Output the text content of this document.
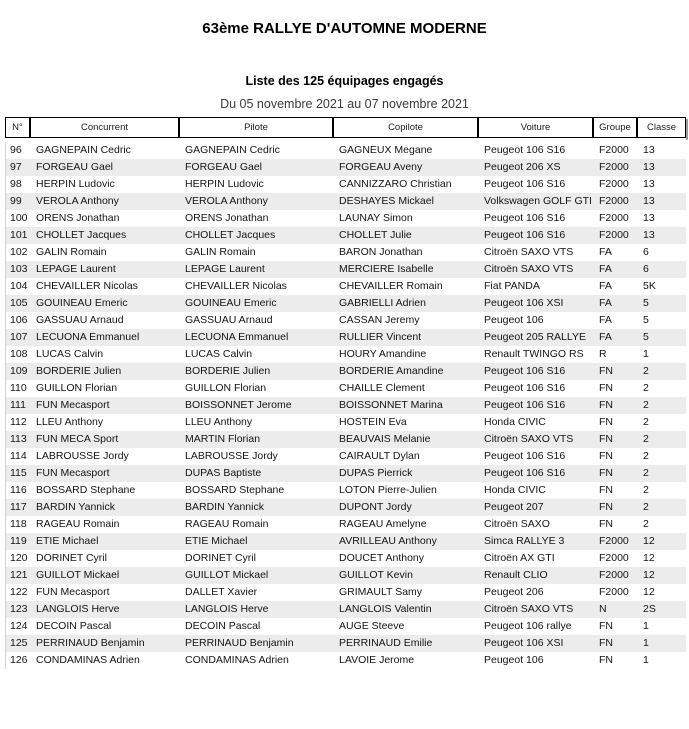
63ème RALLYE D'AUTOMNE MODERNE
Liste des 125 équipages engagés
Du 05 novembre 2021 au 07 novembre 2021
N°	Concurrent	Pilote	Copilote	Voiture	Groupe	Classe

96	GAGNEPAIN Cedric	GAGNEPAIN Cedric	GAGNEUX Megane	Peugeot 106 S16	F2000	13
97	FORGEAU Gael	FORGEAU Gael	FORGEAU Aveny	Peugeot 206 XS	F2000	13
98	HERPIN Ludovic	HERPIN Ludovic	CANNIZZARO Christian	Peugeot 106 S16	F2000	13
99	VEROLA Anthony	VEROLA Anthony	DESHAYES Mickael	Volkswagen GOLF GTI	F2000	13
100	ORENS Jonathan	ORENS Jonathan	LAUNAY Simon	Peugeot 106 S16	F2000	13
101	CHOLLET Jacques	CHOLLET Jacques	CHOLLET Julie	Peugeot 106 S16	F2000	13
102	GALIN Romain	GALIN Romain	BARON Jonathan	Citroën SAXO VTS	FA	6
103	LEPAGE Laurent	LEPAGE Laurent	MERCIERE Isabelle	Citroën SAXO VTS	FA	6
104	CHEVAILLER Nicolas	CHEVAILLER Nicolas	CHEVAILLER Romain	Fiat PANDA	FA	5K
105	GOUINEAU Emeric	GOUINEAU Emeric	GABRIELLI Adrien	Peugeot 106 XSI	FA	5
106	GASSUAU Arnaud	GASSUAU Arnaud	CASSAN Jeremy	Peugeot 106	FA	5
107	LECUONA Emmanuel	LECUONA Emmanuel	RULLIER Vincent	Peugeot 205 RALLYE	FA	5
108	LUCAS Calvin	LUCAS Calvin	HOURY Amandine	Renault TWINGO RS	R	1
109	BORDERIE Julien	BORDERIE Julien	BORDERIE Amandine	Peugeot 106 S16	FN	2
110	GUILLON Florian	GUILLON Florian	CHAILLE Clement	Peugeot 106 S16	FN	2
111	FUN Mecasport	BOISSONNET Jerome	BOISSONNET Marina	Peugeot 106 S16	FN	2
112	LLEU Anthony	LLEU Anthony	HOSTEIN Eva	Honda CIVIC	FN	2
113	FUN MECA Sport	MARTIN Florian	BEAUVAIS Melanie	Citroën SAXO VTS	FN	2
114	LABROUSSE Jordy	LABROUSSE Jordy	CAIRAULT Dylan	Peugeot 106 S16	FN	2
115	FUN Mecasport	DUPAS Baptiste	DUPAS Pierrick	Peugeot 106 S16	FN	2
116	BOSSARD Stephane	BOSSARD Stephane	LOTON Pierre-Julien	Honda CIVIC	FN	2
117	BARDIN Yannick	BARDIN Yannick	DUPONT Jordy	Peugeot 207	FN	2
118	RAGEAU Romain	RAGEAU Romain	RAGEAU Amelyne	Citroën SAXO	FN	2
119	ETIE Michael	ETIE Michael	AVRILLEAU Anthony	Simca RALLYE 3	F2000	12
120	DORINET Cyril	DORINET Cyril	DOUCET Anthony	Citroën AX GTI	F2000	12
121	GUILLOT Mickael	GUILLOT Mickael	GUILLOT Kevin	Renault CLIO	F2000	12
122	FUN Mecasport	DALLET Xavier	GRIMAULT Samy	Peugeot 206	F2000	12
123	LANGLOIS Herve	LANGLOIS Herve	LANGLOIS Valentin	Citroën SAXO VTS	N	2S
124	DECOIN Pascal	DECOIN Pascal	AUGE Steeve	Peugeot 106 rallye	FN	1
125	PERRINAUD Benjamin	PERRINAUD Benjamin	PERRINAUD Emilie	Peugeot 106 XSI	FN	1
126	CONDAMINAS Adrien	CONDAMINAS Adrien	LAVOIE Jerome	Peugeot 106	FN	1
